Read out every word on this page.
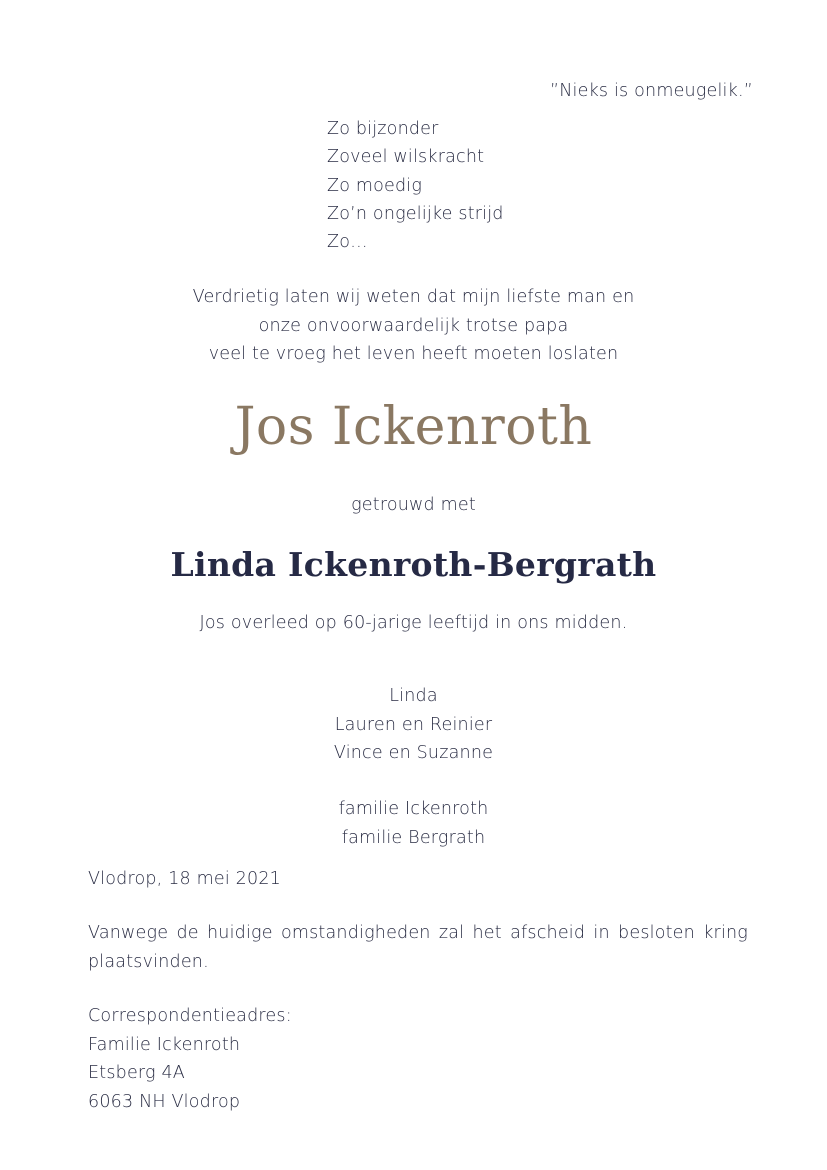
”Nieks is onmeugelik.”

Zo bijzonder
Zoveel wilskracht
Zo moedig
Zo’n ongelijke strijd
Zo…
Verdrietig laten wij weten dat mijn liefste man en
onze onvoorwaardelijk trotse papa
veel te vroeg het leven heeft moeten loslaten
Jos Ickenroth

getrouwd met

Linda Ickenroth-Bergrath

Jos overleed op 60-jarige leeftijd in ons midden.

Linda
Lauren en Reinier
Vince en Suzanne
familie Ickenroth
familie Bergrath

Vlodrop, 18 mei 2021

Vanwege de huidige omstandigheden zal het afscheid in besloten kring plaatsvinden.

Correspondentieadres:
Familie Ickenroth
Etsberg 4A
6063 NH Vlodrop
